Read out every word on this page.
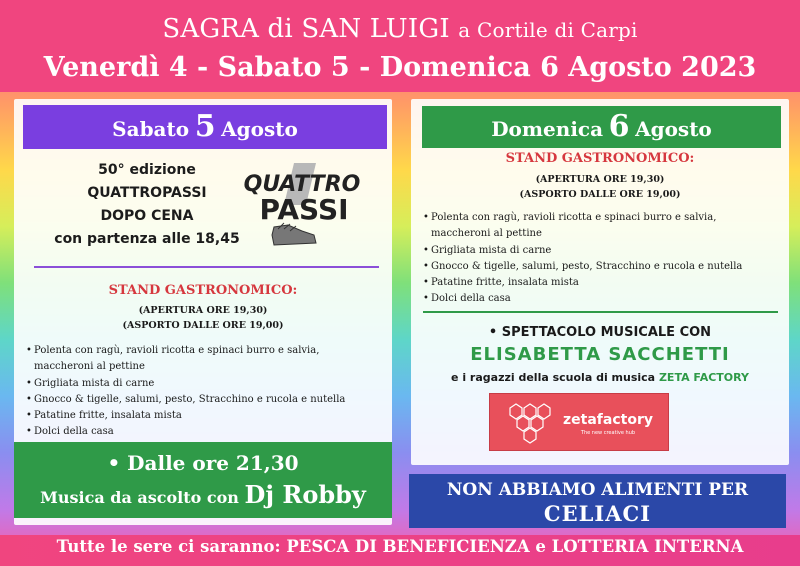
SAGRA di SAN LUIGI a Cortile di Carpi
Venerdì 4 - Sabato 5 - Domenica 6 Agosto 2023
Sabato 5 Agosto
50° edizione
QUATTROPASSI
DOPO CENA
con partenza alle 18,45
QUATTRO
PASSI
STAND GASTRONOMICO:
(APERTURA ORE 19,30)
(ASPORTO DALLE ORE 19,00)
• Polenta con ragù, ravioli ricotta e spinaci burro e salvia,
maccheroni al pettine
• Grigliata mista di carne
• Gnocco & tigelle, salumi, pesto, Stracchino e rucola e nutella
• Patatine fritte, insalata mista
• Dolci della casa
Domenica 6 Agosto
STAND GASTRONOMICO:
(APERTURA ORE 19,30)
(ASPORTO DALLE ORE 19,00)
• Polenta con ragù, ravioli ricotta e spinaci burro e salvia,
maccheroni al pettine
• Grigliata mista di carne
• Gnocco & tigelle, salumi, pesto, Stracchino e rucola e nutella
• Patatine fritte, insalata mista
• Dolci della casa
• SPETTACOLO MUSICALE CON
ELISABETTA SACCHETTI
e i ragazzi della scuola di musica ZETA FACTORY
zetafactory
The new creative hub
• Dalle ore 21,30
Musica da ascolto con Dj Robby	NON ABBIAMO ALIMENTI PER
CELIACI
Tutte le sere ci saranno: PESCA DI BENEFICIENZA e LOTTERIA INTERNA
